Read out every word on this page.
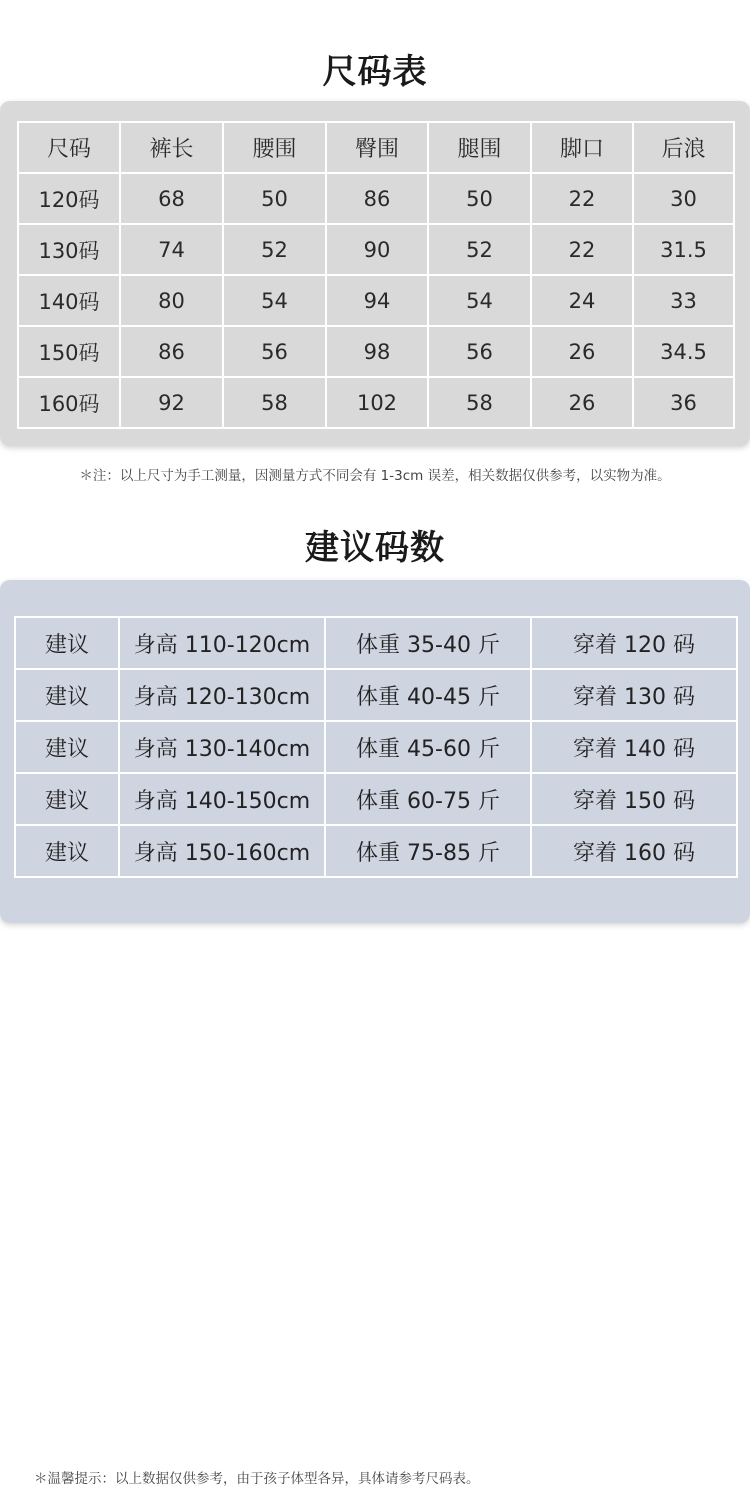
尺码表
尺码	裤长	腰围	臀围	腿围	脚口	后浪
120码	68	50	86	50	22	30
130码	74	52	90	52	22	31.5
140码	80	54	94	54	24	33
150码	86	56	98	56	26	34.5
160码	92	58	102	58	26	36
＊注：以上尺寸为手工测量，因测量方式不同会有 1-3cm 误差，相关数据仅供参考，以实物为准。
建议码数
建议	身高 110-120cm	体重 35-40 斤	穿着 120 码
建议	身高 120-130cm	体重 40-45 斤	穿着 130 码
建议	身高 130-140cm	体重 45-60 斤	穿着 140 码
建议	身高 140-150cm	体重 60-75 斤	穿着 150 码
建议	身高 150-160cm	体重 75-85 斤	穿着 160 码
＊温馨提示：以上数据仅供参考，由于孩子体型各异，具体请参考尺码表。
